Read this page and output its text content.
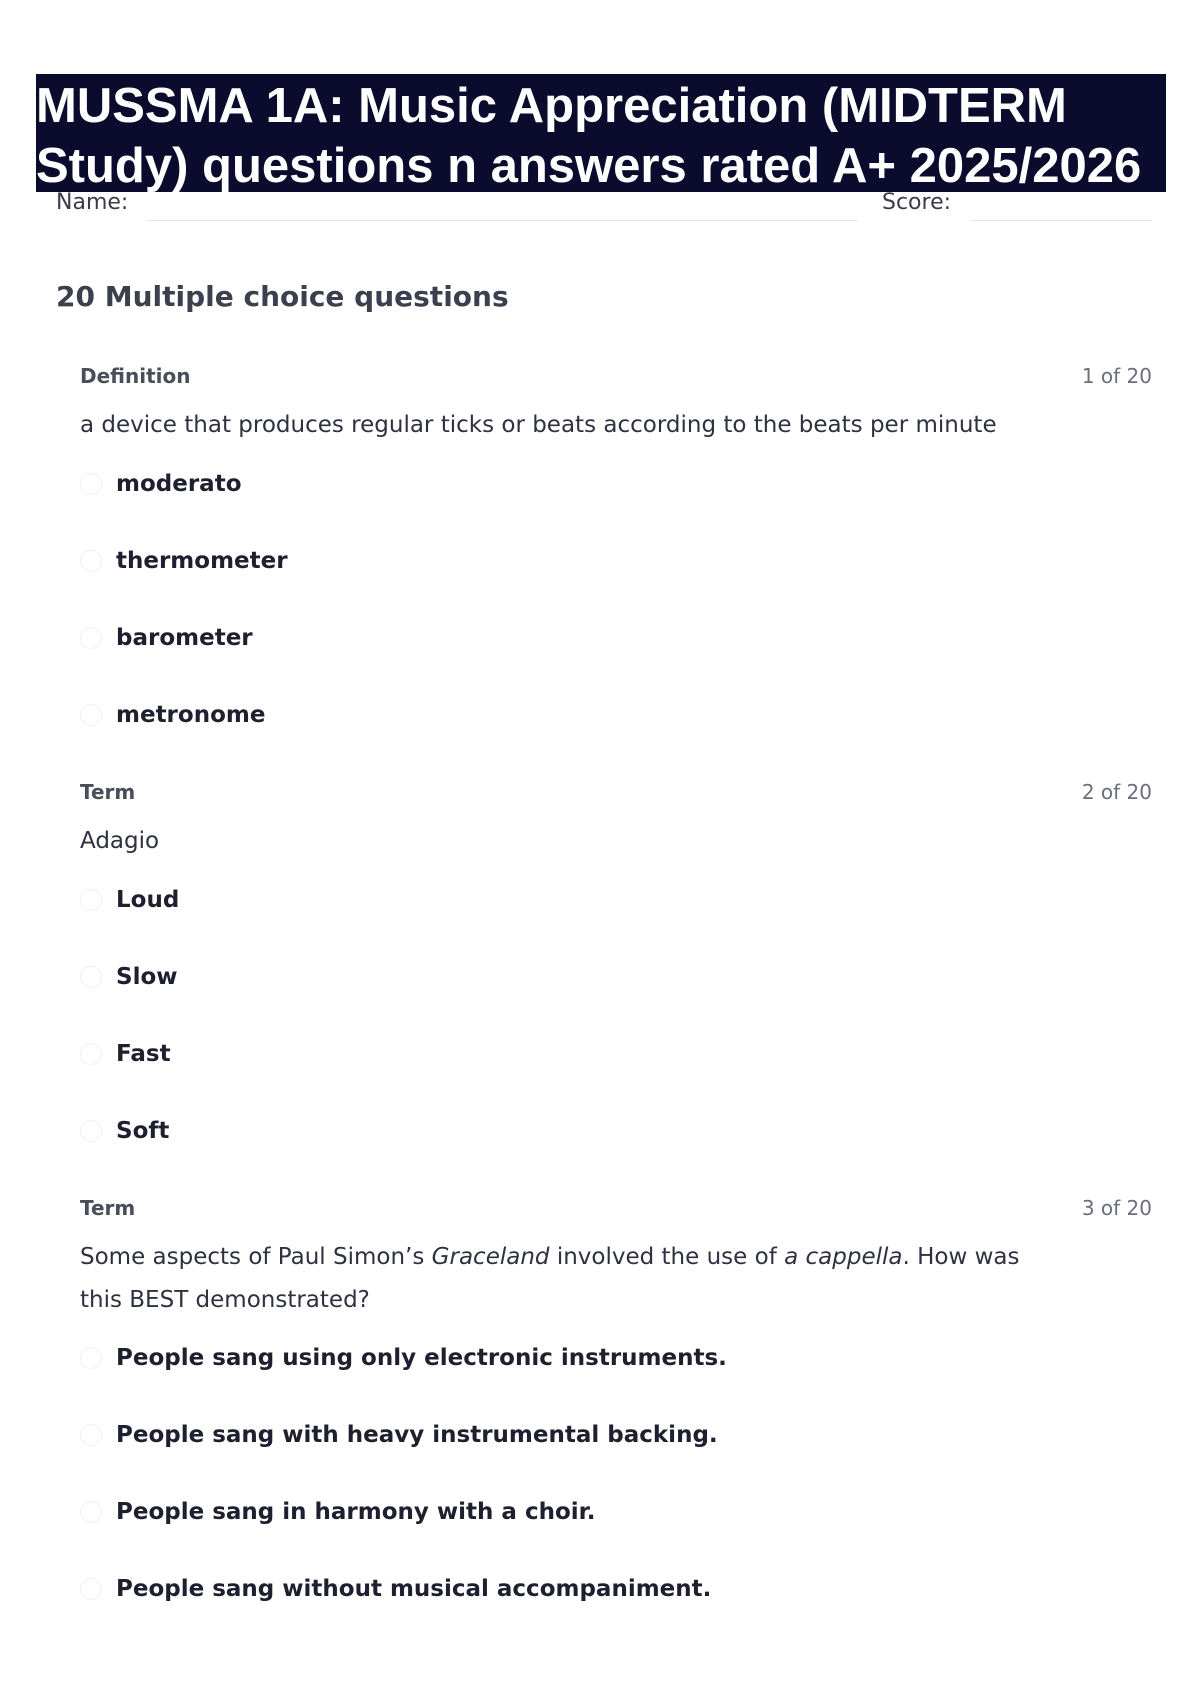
MUSSMA 1A: Music Appreciation (MIDTERM

Study) questions n answers rated A+ 2025/2026

Name:	Score:
20 Multiple choice questions
Definition	1 of 20

a device that produces regular ticks or beats according to the beats per minute

moderato
thermometer
barometer
metronome
Term	2 of 20

Adagio

Loud
Slow
Fast
Soft
Term	3 of 20

Some aspects of Paul Simon’s Graceland involved the use of a cappella. How was this BEST demonstrated?

People sang using only electronic instruments.
People sang with heavy instrumental backing.
People sang in harmony with a choir.
People sang without musical accompaniment.
